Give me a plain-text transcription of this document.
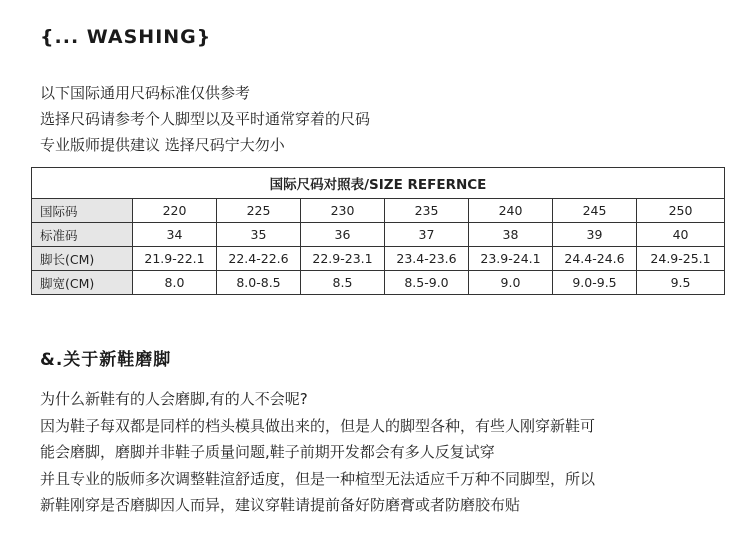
{... WASHING}
以下国际通用尺码标准仅供参考
选择尺码请参考个人脚型以及平时通常穿着的尺码
专业版师提供建议 选择尺码宁大勿小
国际尺码对照表/SIZE REFERNCE							
国际码	220	225	230	235	240	245	250
标准码	34	35	36	37	38	39	40
脚长(CM)	21.9-22.1	22.4-22.6	22.9-23.1	23.4-23.6	23.9-24.1	24.4-24.6	24.9-25.1
脚宽(CM)	8.0	8.0-8.5	8.5	8.5-9.0	9.0	9.0-9.5	9.5
&.关于新鞋磨脚
为什么新鞋有的人会磨脚,有的人不会呢?
因为鞋子每双都是同样的档头模具做出来的，但是人的脚型各种，有些人刚穿新鞋可
能会磨脚，磨脚并非鞋子质量问题,鞋子前期开发都会有多人反复试穿
并且专业的版师多次调整鞋渲舒适度，但是一种楦型无法适应千万种不同脚型，所以
新鞋刚穿是否磨脚因人而异，建议穿鞋请提前备好防磨膏或者防磨胶布贴
